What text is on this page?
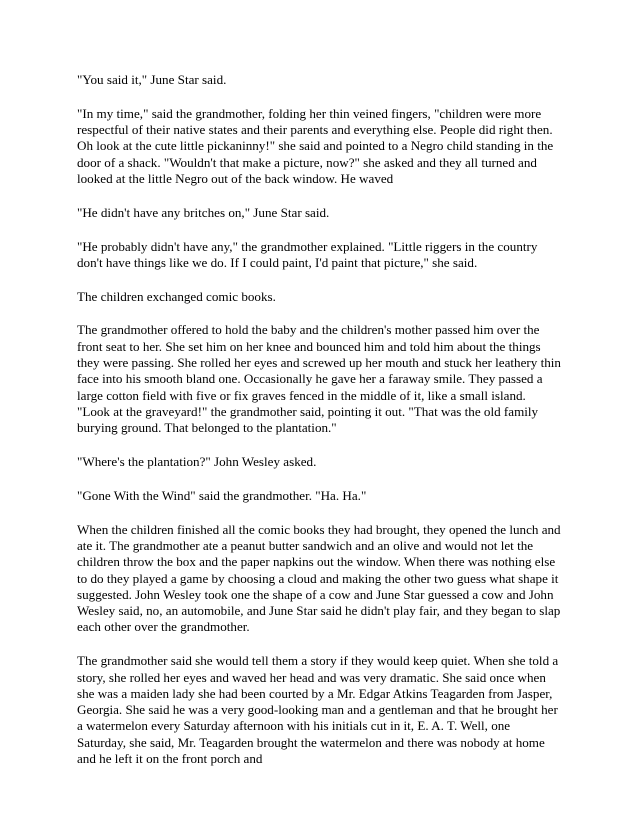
"You said it," June Star said.

"In my time," said the grandmother, folding her thin veined fingers, "children were more respectful of their native states and their parents and everything else. People did right then. Oh look at the cute little pickaninny!" she said and pointed to a Negro child standing in the door of a shack. "Wouldn't that make a picture, now?" she asked and they all turned and looked at the little Negro out of the back window. He waved

"He didn't have any britches on," June Star said.

"He probably didn't have any," the grandmother explained. "Little riggers in the country don't have things like we do. If I could paint, I'd paint that picture," she said.

The children exchanged comic books.

The grandmother offered to hold the baby and the children's mother passed him over the front seat to her. She set him on her knee and bounced him and told him about the things they were passing. She rolled her eyes and screwed up her mouth and stuck her leathery thin face into his smooth bland one. Occasionally he gave her a faraway smile. They passed a large cotton field with five or fix graves fenced in the middle of it, like a small island. "Look at the graveyard!" the grandmother said, pointing it out. "That was the old family burying ground. That belonged to the plantation."

"Where's the plantation?" John Wesley asked.

"Gone With the Wind" said the grandmother. "Ha. Ha."

When the children finished all the comic books they had brought, they opened the lunch and ate it. The grandmother ate a peanut butter sandwich and an olive and would not let the children throw the box and the paper napkins out the window. When there was nothing else to do they played a game by choosing a cloud and making the other two guess what shape it suggested. John Wesley took one the shape of a cow and June Star guessed a cow and John Wesley said, no, an automobile, and June Star said he didn't play fair, and they began to slap each other over the grandmother.

The grandmother said she would tell them a story if they would keep quiet. When she told a story, she rolled her eyes and waved her head and was very dramatic. She said once when she was a maiden lady she had been courted by a Mr. Edgar Atkins Teagarden from Jasper, Georgia. She said he was a very good-looking man and a gentleman and that he brought her a watermelon every Saturday afternoon with his initials cut in it, E. A. T. Well, one Saturday, she said, Mr. Teagarden brought the watermelon and there was nobody at home and he left it on the front porch and
